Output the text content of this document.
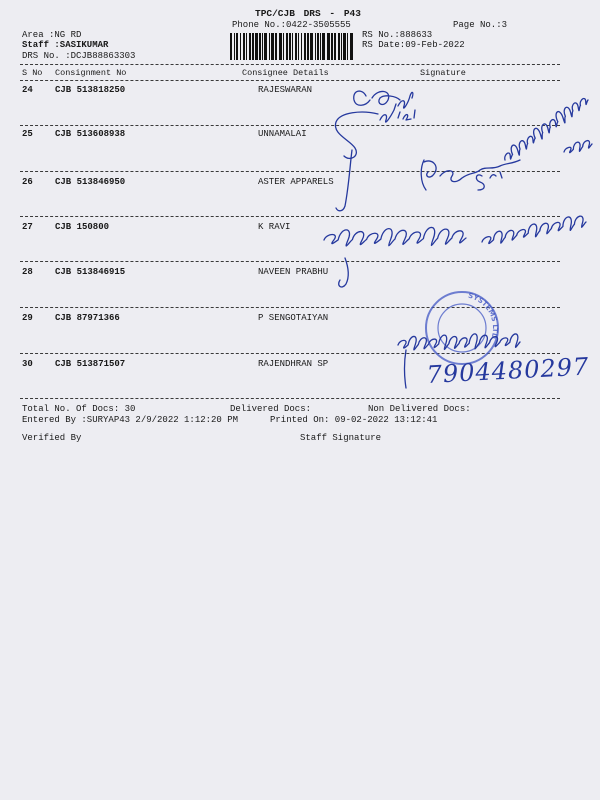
TPC/CJB DRS - P43
Phone No.:0422-3505555	Page No.:3
RS No.:888633
RS Date:09-Feb-2022
Area :NG RD
Staff :SASIKUMAR
DRS No. :DCJB88863303
S No Consignment No	Consignee Details	Signature
24 CJB 513818250	RAJESWARAN
25 CJB 513608938	UNNAMALAI
26 CJB 513846950	ASTER APPARELS
27 CJB 150800	K RAVI
28 CJB 513846915	NAVEEN PRABHU
29 CJB 87971366	P SENGOTAIYAN
30 CJB 513871507	RAJENDHRAN SP
Total No. Of Docs: 30	Delivered Docs:	Non Delivered Docs:
Entered By :SURYAP43 2/9/2022 1:12:20 PM	Printed On: 09-02-2022 13:12:41
Verified By	Staff Signature
SYSTEMS LTD
7904480297
